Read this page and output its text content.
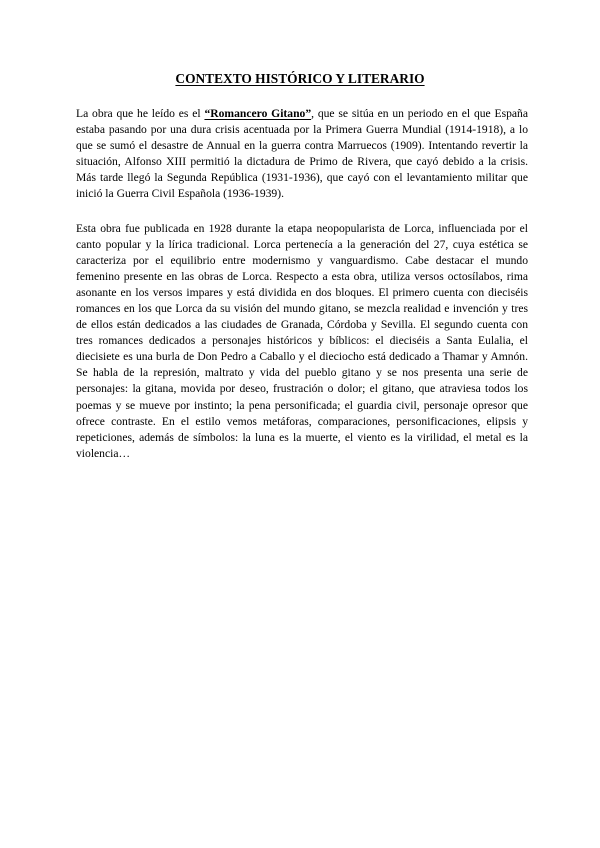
CONTEXTO HISTÓRICO Y LITERARIO

La obra que he leído es el “Romancero Gitano”, que se sitúa en un periodo en el que España estaba pasando por una dura crisis acentuada por la Primera Guerra Mundial (1914-1918), a lo que se sumó el desastre de Annual en la guerra contra Marruecos (1909). Intentando revertir la situación, Alfonso XIII permitió la dictadura de Primo de Rivera, que cayó debido a la crisis. Más tarde llegó la Segunda República (1931-1936), que cayó con el levantamiento militar que inició la Guerra Civil Española (1936-1939).

Esta obra fue publicada en 1928 durante la etapa neopopularista de Lorca, influenciada por el canto popular y la lírica tradicional. Lorca pertenecía a la generación del 27, cuya estética se caracteriza por el equilibrio entre modernismo y vanguardismo. Cabe destacar el mundo femenino presente en las obras de Lorca. Respecto a esta obra, utiliza versos octosílabos, rima asonante en los versos impares y está dividida en dos bloques. El primero cuenta con dieciséis romances en los que Lorca da su visión del mundo gitano, se mezcla realidad e invención y tres de ellos están dedicados a las ciudades de Granada, Córdoba y Sevilla. El segundo cuenta con tres romances dedicados a personajes históricos y bíblicos: el dieciséis a Santa Eulalia, el diecisiete es una burla de Don Pedro a Caballo y el dieciocho está dedicado a Thamar y Amnón. Se habla de la represión, maltrato y vida del pueblo gitano y se nos presenta una serie de personajes: la gitana, movida por deseo, frustración o dolor; el gitano, que atraviesa todos los poemas y se mueve por instinto; la pena personificada; el guardia civil, personaje opresor que ofrece contraste. En el estilo vemos metáforas, comparaciones, personificaciones, elipsis y repeticiones, además de símbolos: la luna es la muerte, el viento es la virilidad, el metal es la violencia…
